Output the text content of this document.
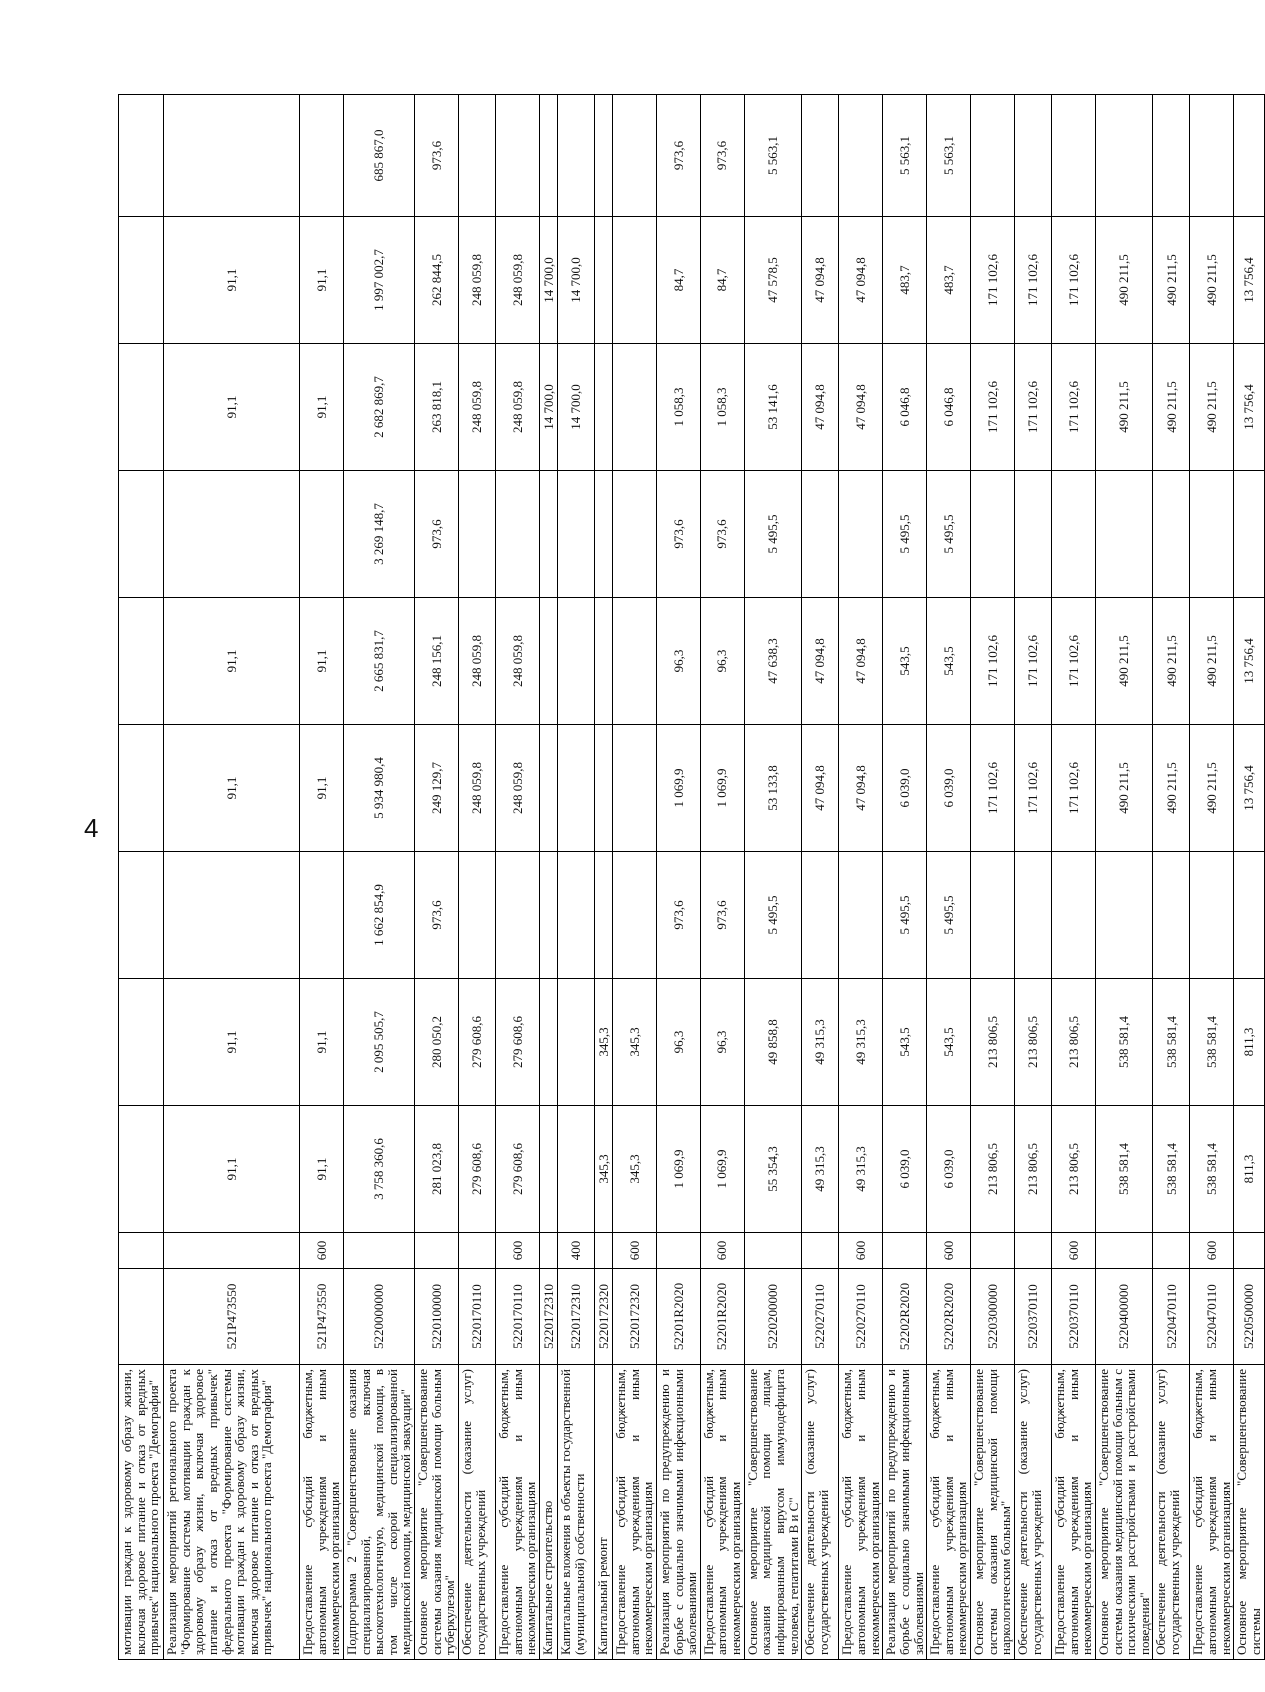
4
мотивации граждан к здоровому образу жизни, включая здоровое питание и отказ от вредных привычек" национального проекта "Демография"											
Реализация мероприятий регионального проекта "Формирование системы мотивации граждан к здоровому образу жизни, включая здоровое питание и отказ от вредных привычек" федерального проекта "Формирование системы мотивации граждан к здоровому образу жизни, включая здоровое питание и отказ от вредных привычек" национального проекта "Демография"	521P473550		91,1	91,1		91,1	91,1		91,1	91,1	
Предоставление субсидий бюджетным, автономным учреждениям и иным некоммерческим организациям	521P473550	600	91,1	91,1		91,1	91,1		91,1	91,1	
Подпрограмма 2 "Совершенствование оказания специализированной, включая высокотехнологичную, медицинской помощи, в том числе скорой специализированной медицинской помощи, медицинской эвакуации"	5220000000		3 758 360,6	2 095 505,7	1 662 854,9	5 934 980,4	2 665 831,7	3 269 148,7	2 682 869,7	1 997 002,7	685 867,0
Основное мероприятие "Совершенствование системы оказания медицинской помощи больным туберкулезом"	5220100000		281 023,8	280 050,2	973,6	249 129,7	248 156,1	973,6	263 818,1	262 844,5	973,6
Обеспечение деятельности (оказание услуг) государственных учреждений	5220170110		279 608,6	279 608,6		248 059,8	248 059,8		248 059,8	248 059,8	
Предоставление субсидий бюджетным, автономным учреждениям и иным некоммерческим организациям	5220170110	600	279 608,6	279 608,6		248 059,8	248 059,8		248 059,8	248 059,8	
Капитальное строительство	5220172310								14 700,0	14 700,0	
Капитальные вложения в объекты государственной (муниципальной) собственности	5220172310	400							14 700,0	14 700,0	
Капитальный ремонт	5220172320		345,3	345,3							
Предоставление субсидий бюджетным, автономным учреждениям и иным некоммерческим организациям	5220172320	600	345,3	345,3							
Реализация мероприятий по предупреждению и борьбе с социально значимыми инфекционными заболеваниями	52201R2020		1 069,9	96,3	973,6	1 069,9	96,3	973,6	1 058,3	84,7	973,6
Предоставление субсидий бюджетным, автономным учреждениям и иным некоммерческим организациям	52201R2020	600	1 069,9	96,3	973,6	1 069,9	96,3	973,6	1 058,3	84,7	973,6
Основное мероприятие "Совершенствование оказания медицинской помощи лицам, инфицированным вирусом иммунодефицита человека, гепатитами В и С"	5220200000		55 354,3	49 858,8	5 495,5	53 133,8	47 638,3	5 495,5	53 141,6	47 578,5	5 563,1
Обеспечение деятельности (оказание услуг) государственных учреждений	5220270110		49 315,3	49 315,3		47 094,8	47 094,8		47 094,8	47 094,8	
Предоставление субсидий бюджетным, автономным учреждениям и иным некоммерческим организациям	5220270110	600	49 315,3	49 315,3		47 094,8	47 094,8		47 094,8	47 094,8	
Реализация мероприятий по предупреждению и борьбе с социально значимыми инфекционными заболеваниями	52202R2020		6 039,0	543,5	5 495,5	6 039,0	543,5	5 495,5	6 046,8	483,7	5 563,1
Предоставление субсидий бюджетным, автономным учреждениям и иным некоммерческим организациям	52202R2020	600	6 039,0	543,5	5 495,5	6 039,0	543,5	5 495,5	6 046,8	483,7	5 563,1
Основное мероприятие "Совершенствование системы оказания медицинской помощи наркологическим больным"	5220300000		213 806,5	213 806,5		171 102,6	171 102,6		171 102,6	171 102,6	
Обеспечение деятельности (оказание услуг) государственных учреждений	5220370110		213 806,5	213 806,5		171 102,6	171 102,6		171 102,6	171 102,6	
Предоставление субсидий бюджетным, автономным учреждениям и иным некоммерческим организациям	5220370110	600	213 806,5	213 806,5		171 102,6	171 102,6		171 102,6	171 102,6	
Основное мероприятие "Совершенствование системы оказания медицинской помощи больным с психическими расстройствами и расстройствами поведения"	5220400000		538 581,4	538 581,4		490 211,5	490 211,5		490 211,5	490 211,5	
Обеспечение деятельности (оказание услуг) государственных учреждений	5220470110		538 581,4	538 581,4		490 211,5	490 211,5		490 211,5	490 211,5	
Предоставление субсидий бюджетным, автономным учреждениям и иным некоммерческим организациям	5220470110	600	538 581,4	538 581,4		490 211,5	490 211,5		490 211,5	490 211,5	
Основное мероприятие "Совершенствование системы	5220500000		811,3	811,3		13 756,4	13 756,4		13 756,4	13 756,4	
